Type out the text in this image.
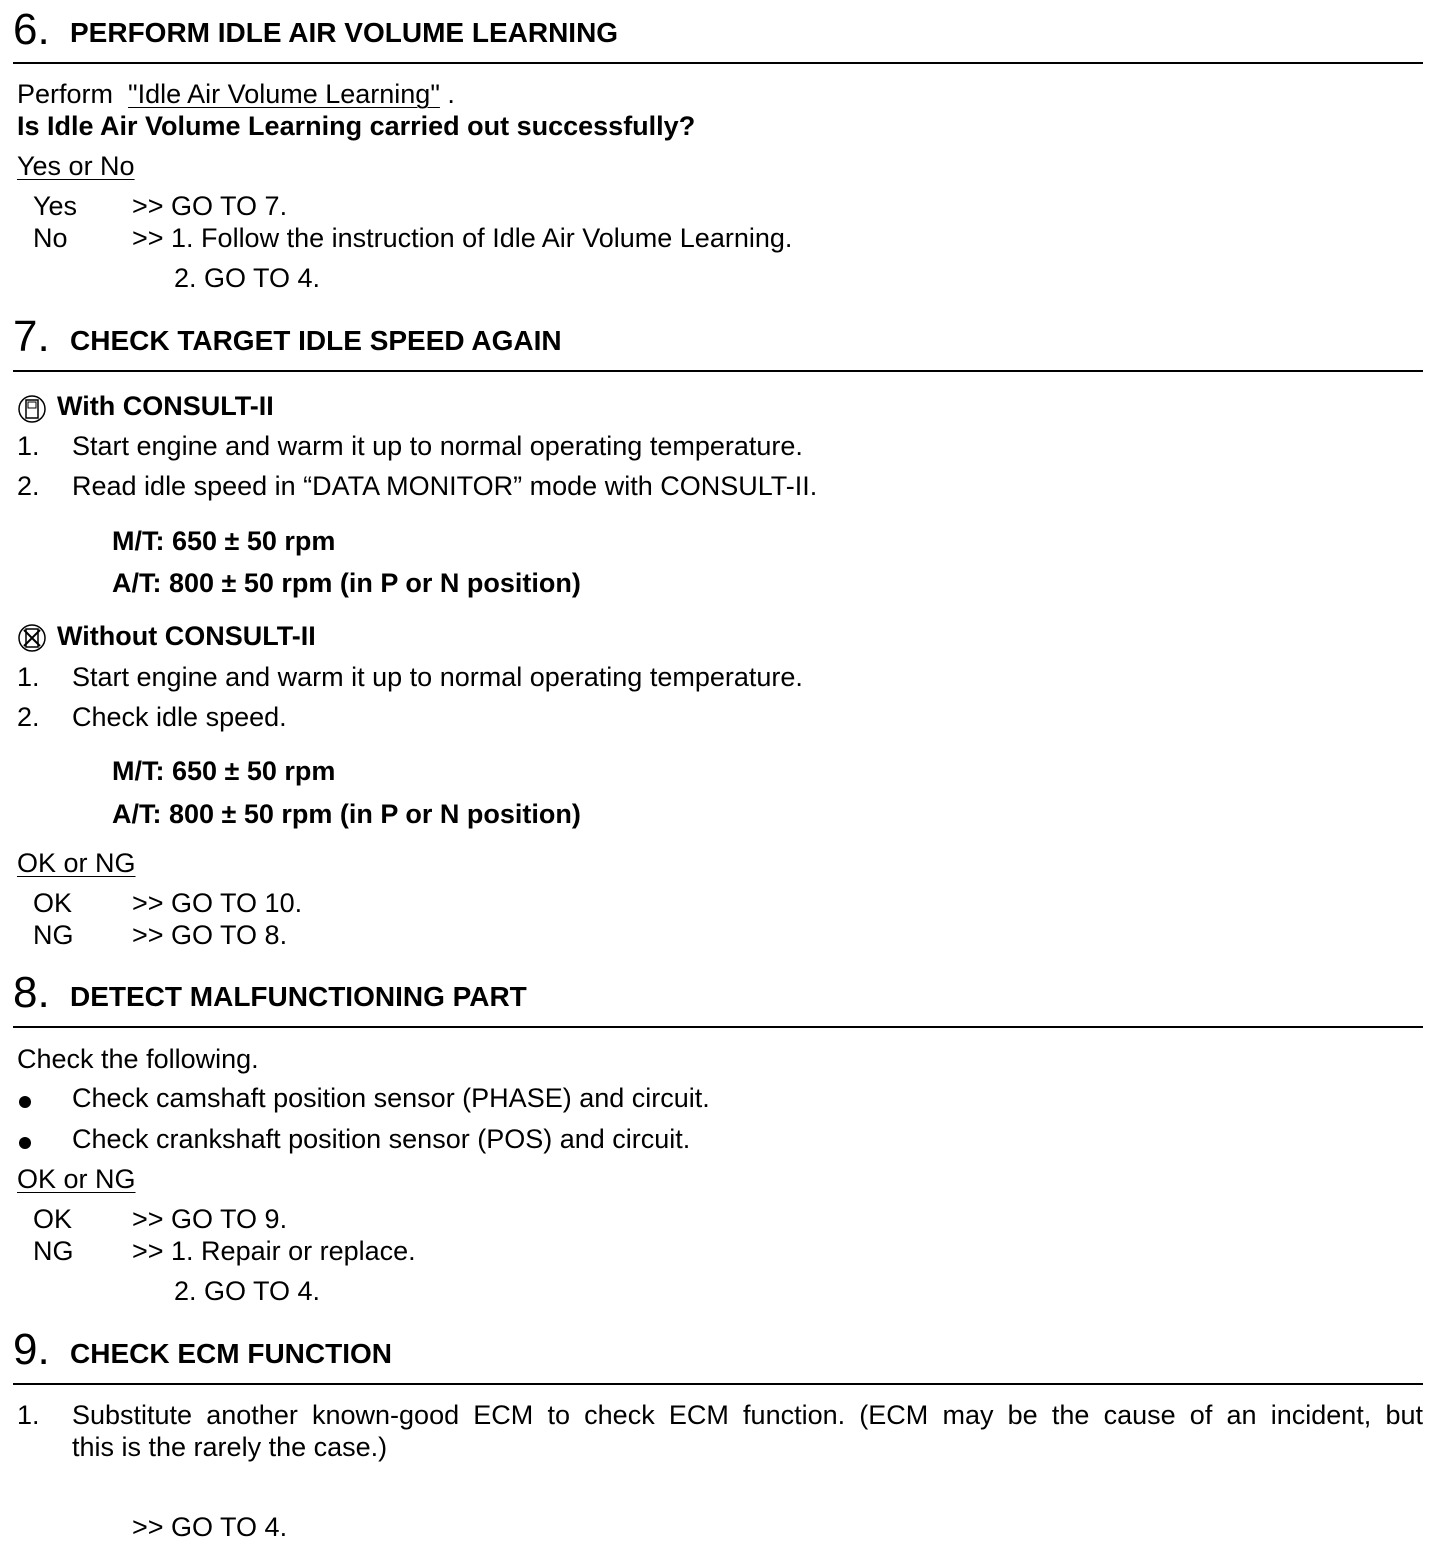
6. PERFORM IDLE AIR VOLUME LEARNING
Perform "Idle Air Volume Learning" .
Is Idle Air Volume Learning carried out successfully?
Yes or No
Yes >> GO TO 7.
No >> 1. Follow the instruction of Idle Air Volume Learning.
2. GO TO 4.
7. CHECK TARGET IDLE SPEED AGAIN
With CONSULT-II
1. Start engine and warm it up to normal operating temperature.
2. Read idle speed in “DATA MONITOR” mode with CONSULT-II.
M/T: 650 ± 50 rpm
A/T: 800 ± 50 rpm (in P or N position)
Without CONSULT-II
1. Start engine and warm it up to normal operating temperature.
2. Check idle speed.
M/T: 650 ± 50 rpm
A/T: 800 ± 50 rpm (in P or N position)
OK or NG
OK >> GO TO 10.
NG >> GO TO 8.
8. DETECT MALFUNCTIONING PART
Check the following.
Check camshaft position sensor (PHASE) and circuit.
Check crankshaft position sensor (POS) and circuit.
OK or NG
OK >> GO TO 9.
NG >> 1. Repair or replace.
2. GO TO 4.
9. CHECK ECM FUNCTION
1. Substitute another known-good ECM to check ECM function. (ECM may be the cause of an incident, but
this is the rarely the case.)
>> GO TO 4.
